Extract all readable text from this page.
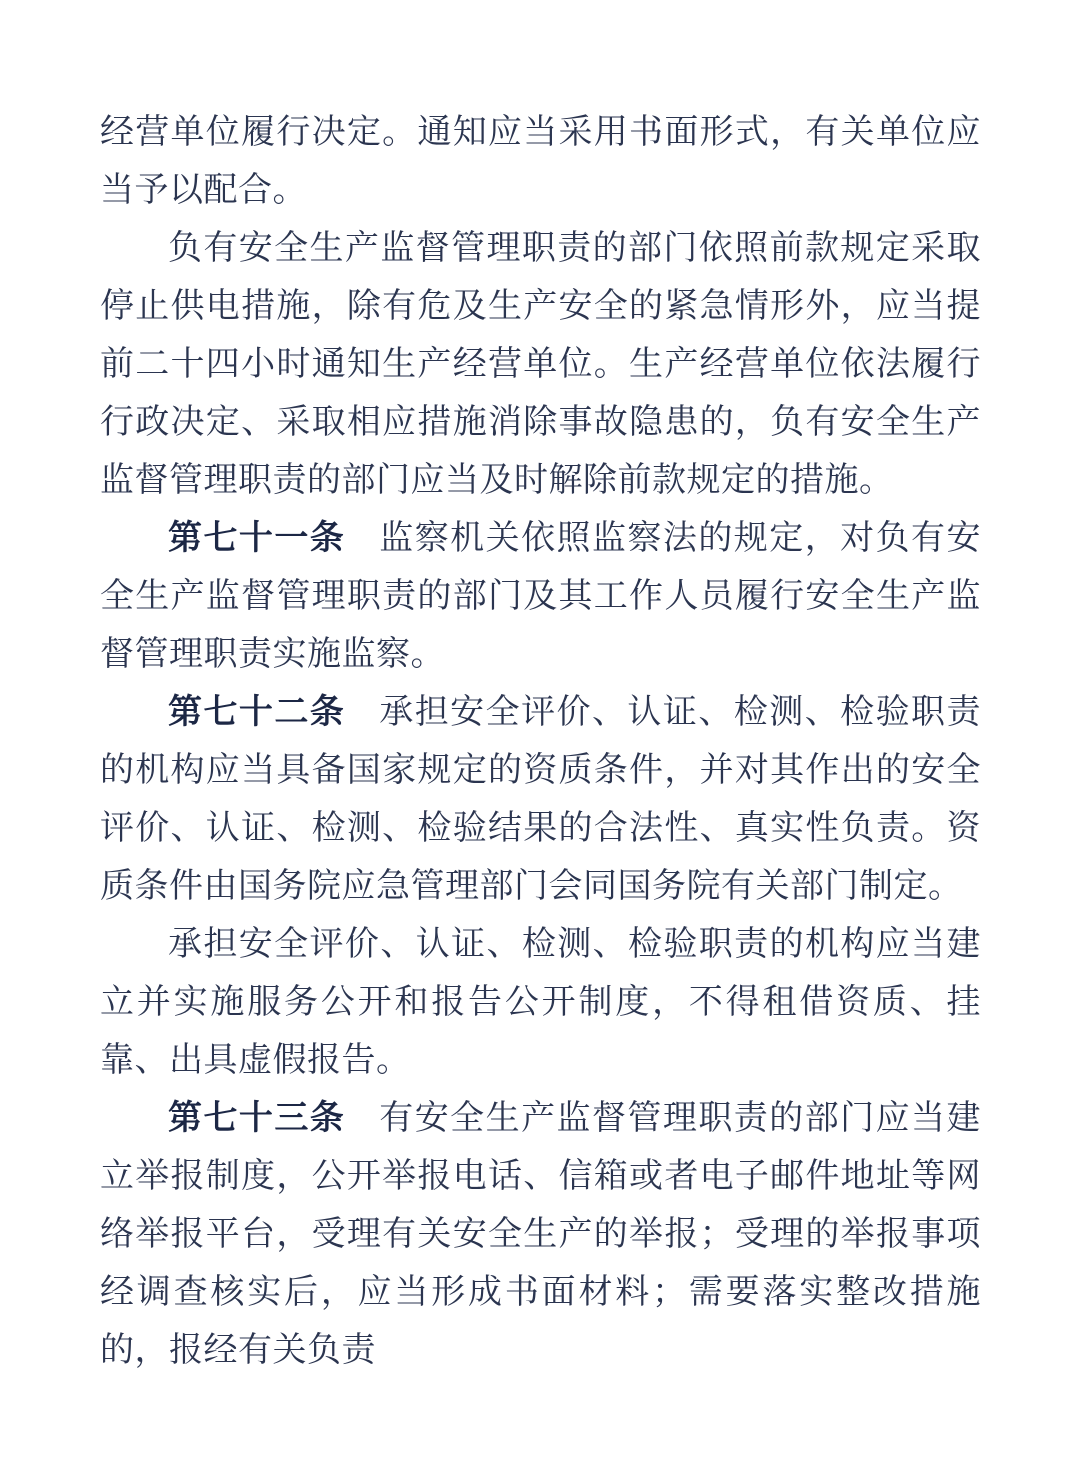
经营单位履行决定。通知应当采用书面形式，有关单位应当予以配合。

负有安全生产监督管理职责的部门依照前款规定采取停止供电措施，除有危及生产安全的紧急情形外，应当提前二十四小时通知生产经营单位。生产经营单位依法履行行政决定、采取相应措施消除事故隐患的，负有安全生产监督管理职责的部门应当及时解除前款规定的措施。

第七十一条 监察机关依照监察法的规定，对负有安全生产监督管理职责的部门及其工作人员履行安全生产监督管理职责实施监察。

第七十二条 承担安全评价、认证、检测、检验职责的机构应当具备国家规定的资质条件，并对其作出的安全评价、认证、检测、检验结果的合法性、真实性负责。资质条件由国务院应急管理部门会同国务院有关部门制定。

承担安全评价、认证、检测、检验职责的机构应当建立并实施服务公开和报告公开制度，不得租借资质、挂靠、出具虚假报告。

第七十三条 有安全生产监督管理职责的部门应当建立举报制度，公开举报电话、信箱或者电子邮件地址等网络举报平台，受理有关安全生产的举报；受理的举报事项经调查核实后，应当形成书面材料；需要落实整改措施的，报经有关负责
